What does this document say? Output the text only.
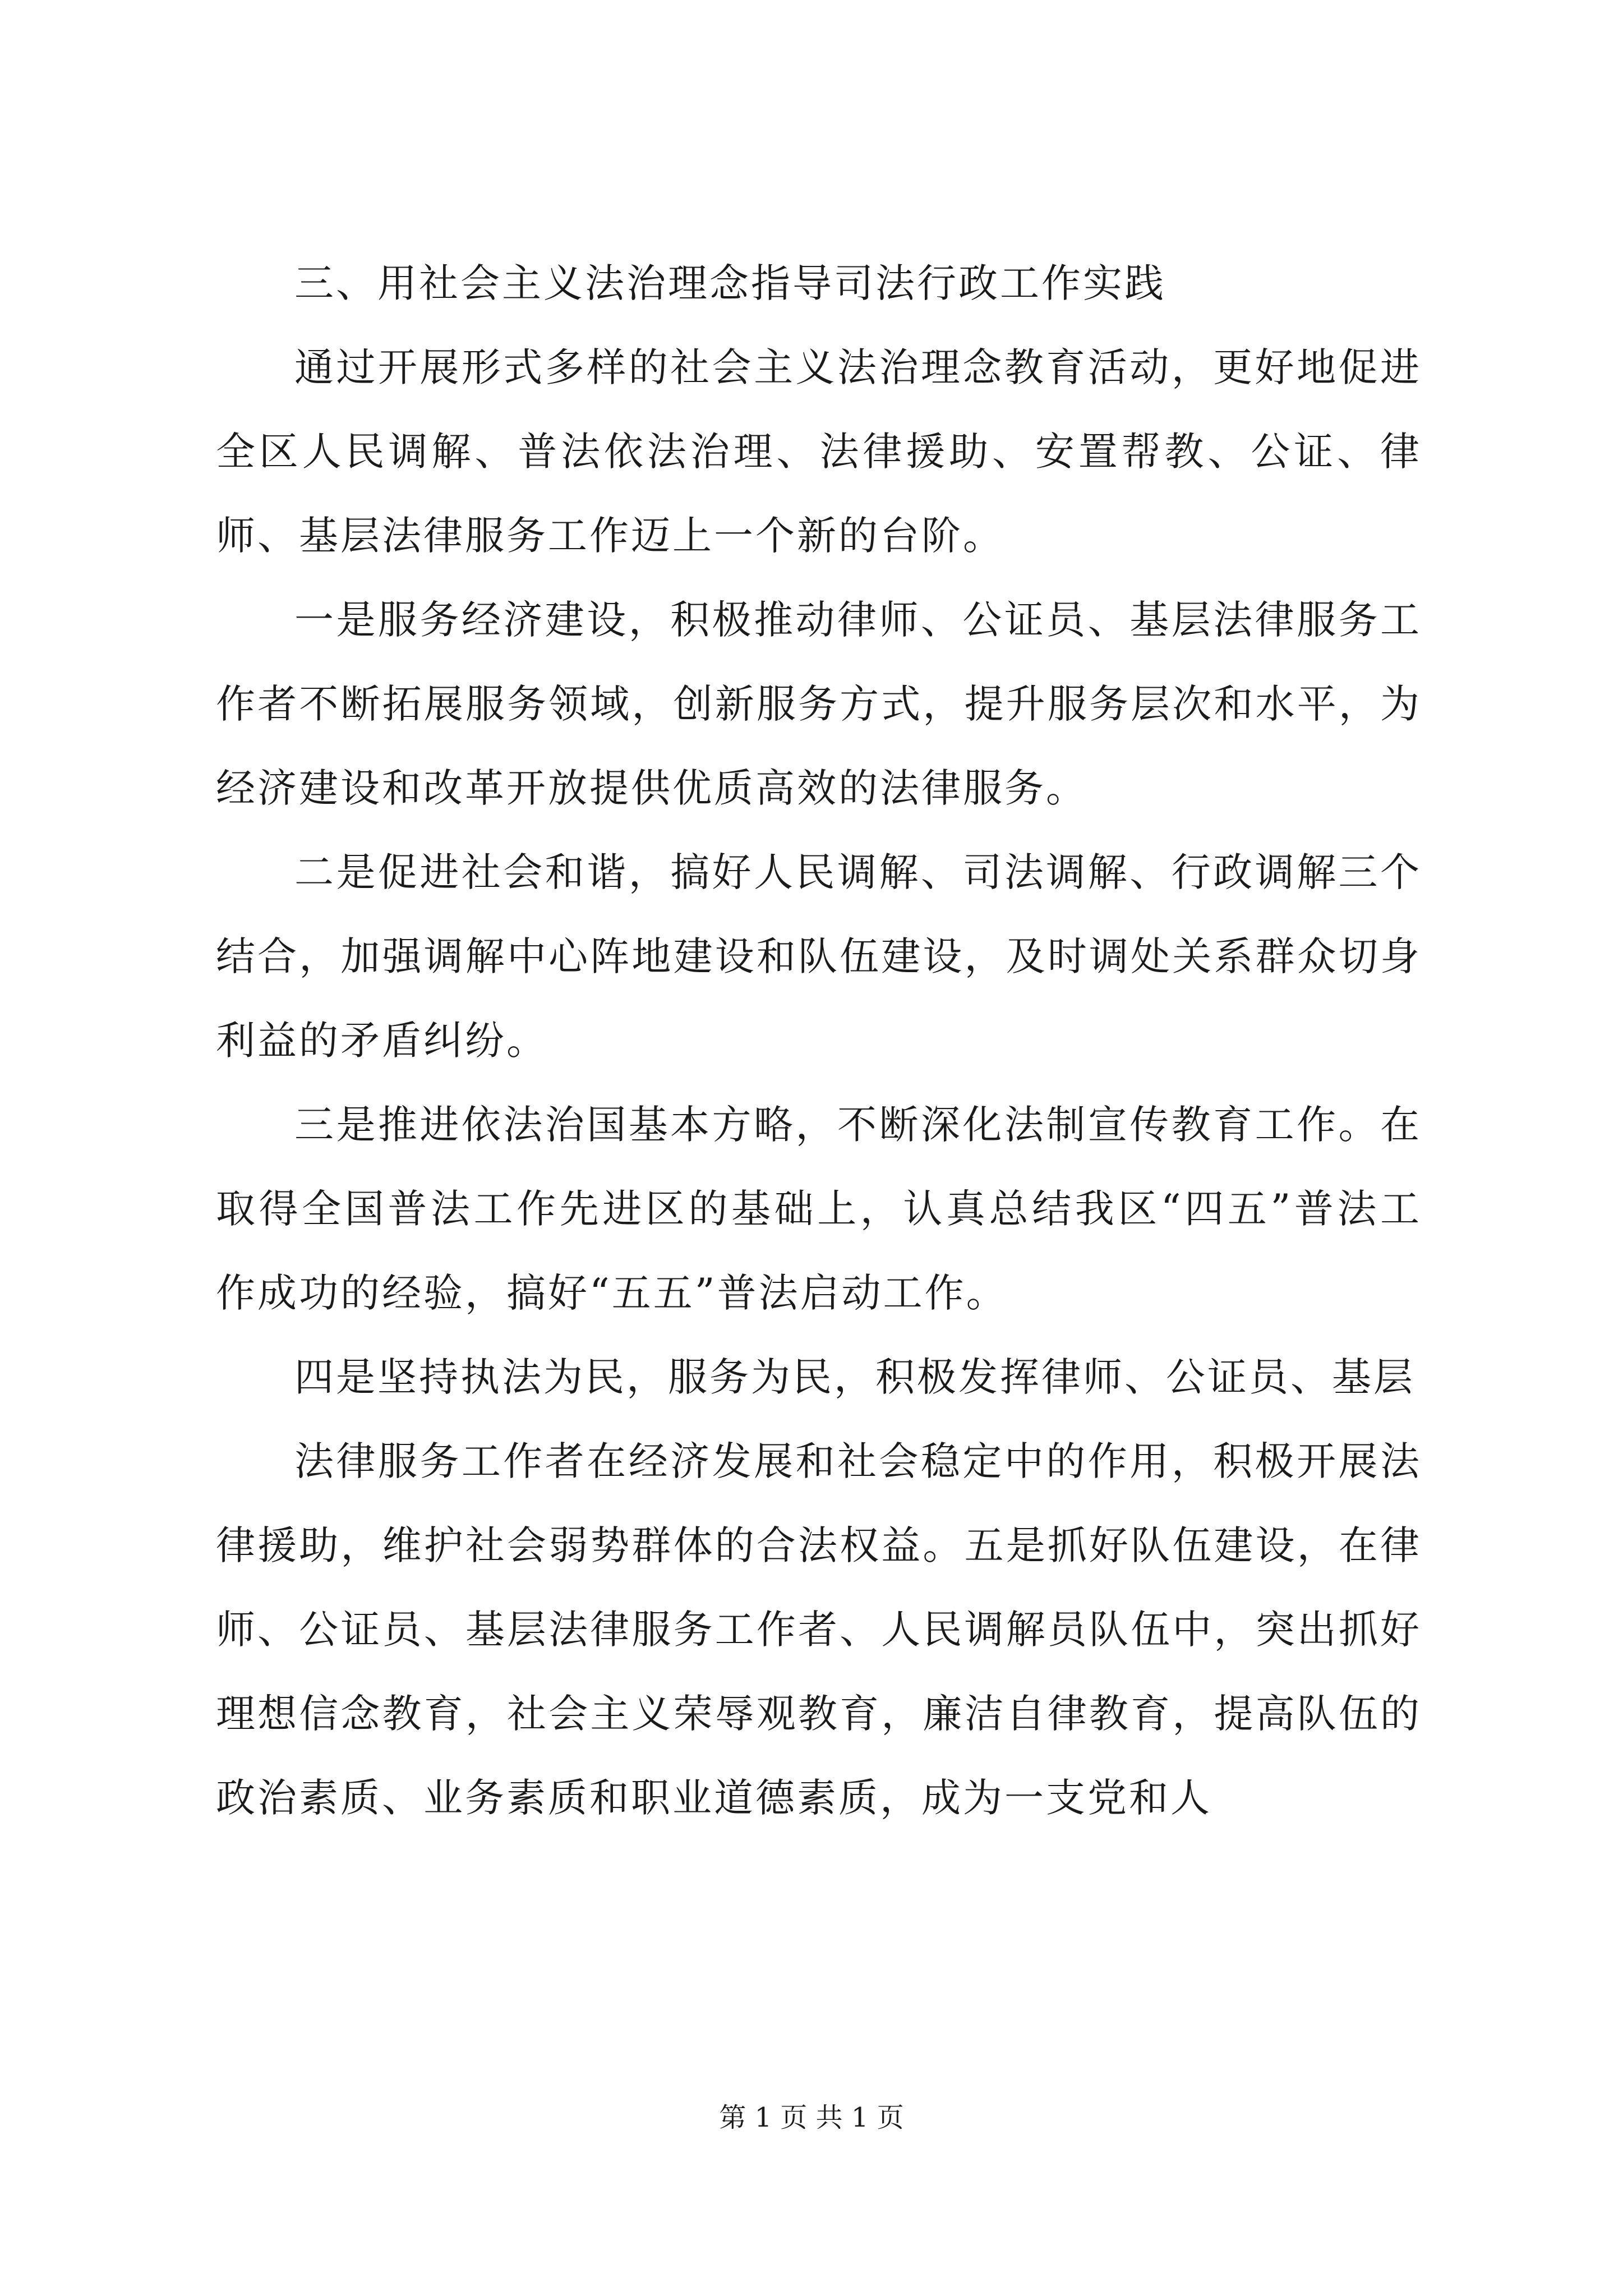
三、用社会主义法治理念指导司法行政工作实践

通过开展形式多样的社会主义法治理念教育活动，更好地促进全区人民调解、普法依法治理、法律援助、安置帮教、公证、律师、基层法律服务工作迈上一个新的台阶。

一是服务经济建设，积极推动律师、公证员、基层法律服务工作者不断拓展服务领域，创新服务方式，提升服务层次和水平，为经济建设和改革开放提供优质高效的法律服务。

二是促进社会和谐，搞好人民调解、司法调解、行政调解三个结合，加强调解中心阵地建设和队伍建设，及时调处关系群众切身利益的矛盾纠纷。

三是推进依法治国基本方略，不断深化法制宣传教育工作。在取得全国普法工作先进区的基础上，认真总结我区“四五”普法工作成功的经验，搞好“五五”普法启动工作。

四是坚持执法为民，服务为民，积极发挥律师、公证员、基层

法律服务工作者在经济发展和社会稳定中的作用，积极开展法律援助，维护社会弱势群体的合法权益。五是抓好队伍建设，在律师、公证员、基层法律服务工作者、人民调解员队伍中，突出抓好理想信念教育，社会主义荣辱观教育，廉洁自律教育，提高队伍的政治素质、业务素质和职业道德素质，成为一支党和人

第 1 页 共 1 页
